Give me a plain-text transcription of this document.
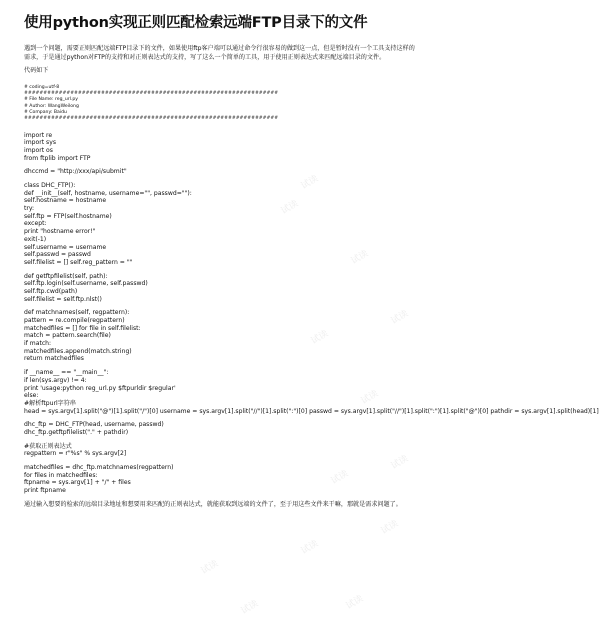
使用python实现正则匹配检索远端FTP目录下的文件

遇到一个问题，需要正则匹配远端FTP目录下的文件，如果使用ftp客户端可以通过命令行很容易的做到这一点，但是暂时没有一个工具支持这样的需求，于是通过python对FTP的支持和对正则表达式的支持，写了这么一个简单的工具，用于使用正则表达式来匹配远端目录的文件。

代码如下

# coding=utf-8
##################################################################
# File Name: reg_url.py
# Author: WangWeilong
# Company: Baidu
##################################################################
import re
import sys
import os
from ftplib import FTP
dhccmd = "http://xxx/api/submit"
class DHC_FTP():
def __init__(self, hostname, username="", passwd=""):
self.hostname = hostname
try:
self.ftp = FTP(self.hostname)
except:
print "hostname error!"
exit(-1)
self.username = username
self.passwd = passwd
self.filelist = [] self.reg_pattern = ""
def getftpfilelist(self, path):
self.ftp.login(self.username, self.passwd)
self.ftp.cwd(path)
self.filelist = self.ftp.nlst()
def matchnames(self, regpattern):
pattern = re.compile(regpattern)
matchedfiles = [] for file in self.filelist:
match = pattern.search(file)
if match:
matchedfiles.append(match.string)
return matchedfiles
if __name__ == "__main__":
if len(sys.argv) != 4:
print 'usage:python reg_url.py $ftpurldir $regular'
else:
#解析ftpurl字符串
head = sys.argv[1].split("@")[1].split("/")[0] username = sys.argv[1].split("//")[1].split(":")[0] passwd = sys.argv[1].split("//")[1].split(":")[1].split("@")[0] pathdir = sys.argv[1].split(head)[1]
dhc_ftp = DHC_FTP(head, username, passwd)
dhc_ftp.getftpfilelist("." + pathdir)
#获取正则表达式
regpattern = r"%s" % sys.argv[2]
matchedfiles = dhc_ftp.matchnames(regpattern)
for files in matchedfiles:
ftpname = sys.argv[1] + "/" + files
print ftpname

通过输入想要的检索的远端目录地址和想要用来匹配的正则表达式，就能获取到远端的文件了，至于用这些文件来干嘛，那就是需求问题了。

试读
试读
试读
试读
试读
试读
试读
试读
试读
试读
试读
试读
试读
